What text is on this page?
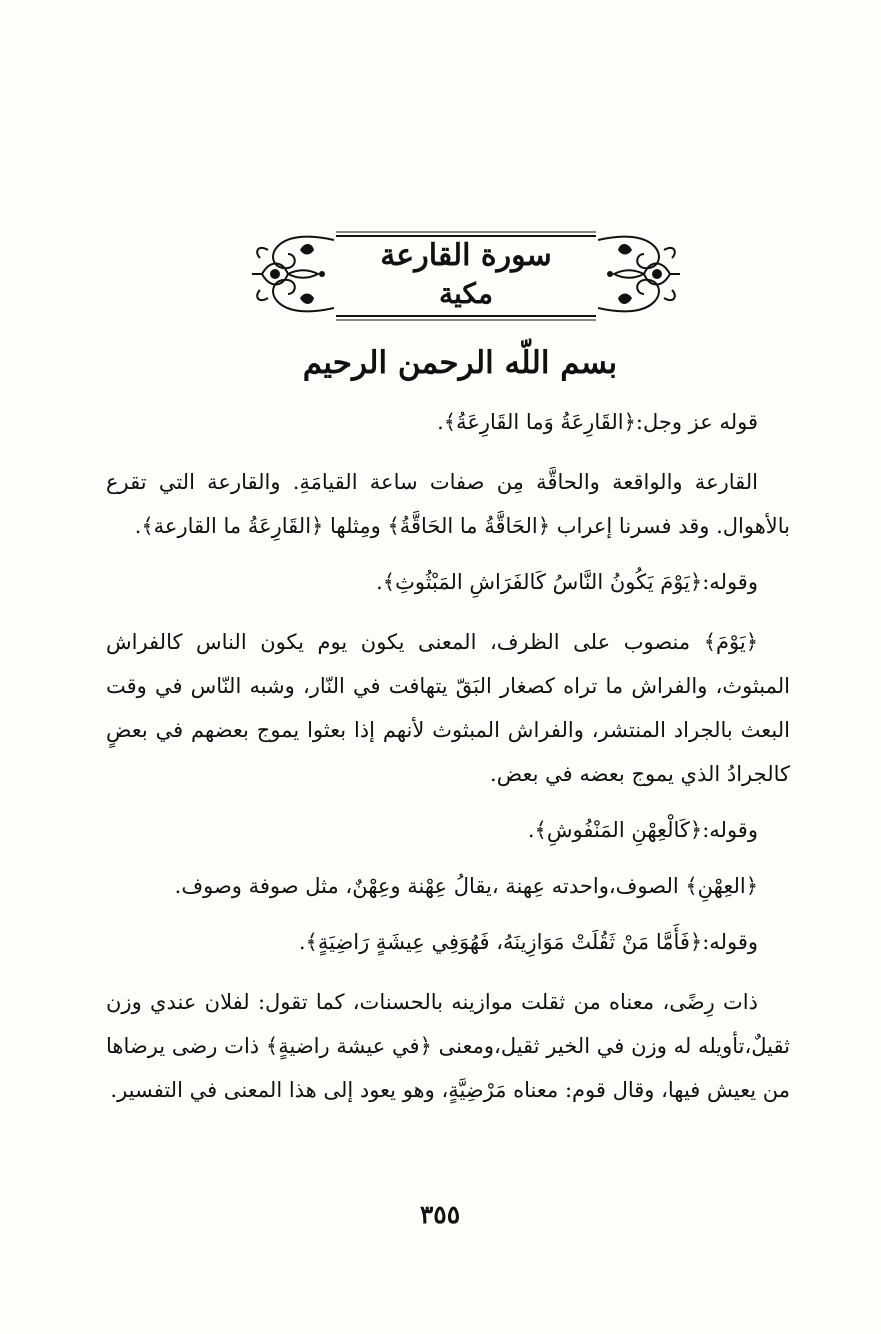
سورة القارعة
مكية
بسم اللّه الرحمن الرحيم

قوله عز وجل:﴿القَارِعَةُ وَما القَارِعَةُ﴾.

القارعة والواقعة والحاقَّة مِن صفات ساعة القيامَةِ. والقارعة التي تقرع بالأهوال. وقد فسرنا إعراب ﴿الحَاقَّةُ ما الحَاقَّةُ﴾ ومِثلها ﴿القَارِعَةُ ما القارعة﴾.

وقوله:﴿يَوْمَ يَكُونُ النَّاسُ كَالفَرَاشِ المَبْثُوثِ﴾.

﴿يَوْمَ﴾ منصوب على الظرف، المعنى يكون يوم يكون الناس كالفراش المبثوث، والفراش ما تراه كصغار البَقّ يتهافت في النّار، وشبه النّاس في وقت البعث بالجراد المنتشر، والفراش المبثوث لأنهم إذا بعثوا يموج بعضهم في بعضٍ كالجرادُ الذي يموج بعضه في بعض.

وقوله:﴿كَالْعِهْنِ المَنْفُوشِ﴾.

﴿العِهْنِ﴾ الصوف،واحدته عِهنة ،يقالُ عِهْنة وعِهْنٌ، مثل صوفة وصوف.

وقوله:﴿فَأَمَّا مَنْ ثَقُلَتْ مَوَازِينَهُ، فَهُوَفِي عِيشَةٍ رَاضِيَةٍ﴾.

ذات رِضًى، معناه من ثقلت موازينه بالحسنات، كما تقول: لفلان عندي وزن ثقيلٌ،تأويله له وزن في الخير ثقيل،ومعنى ﴿في عيشة راضيةٍ﴾ ذات رضى يرضاها من يعيش فيها، وقال قوم: معناه مَرْضِيَّةٍ، وهو يعود إلى هذا المعنى في التفسير.

٣٥٥
